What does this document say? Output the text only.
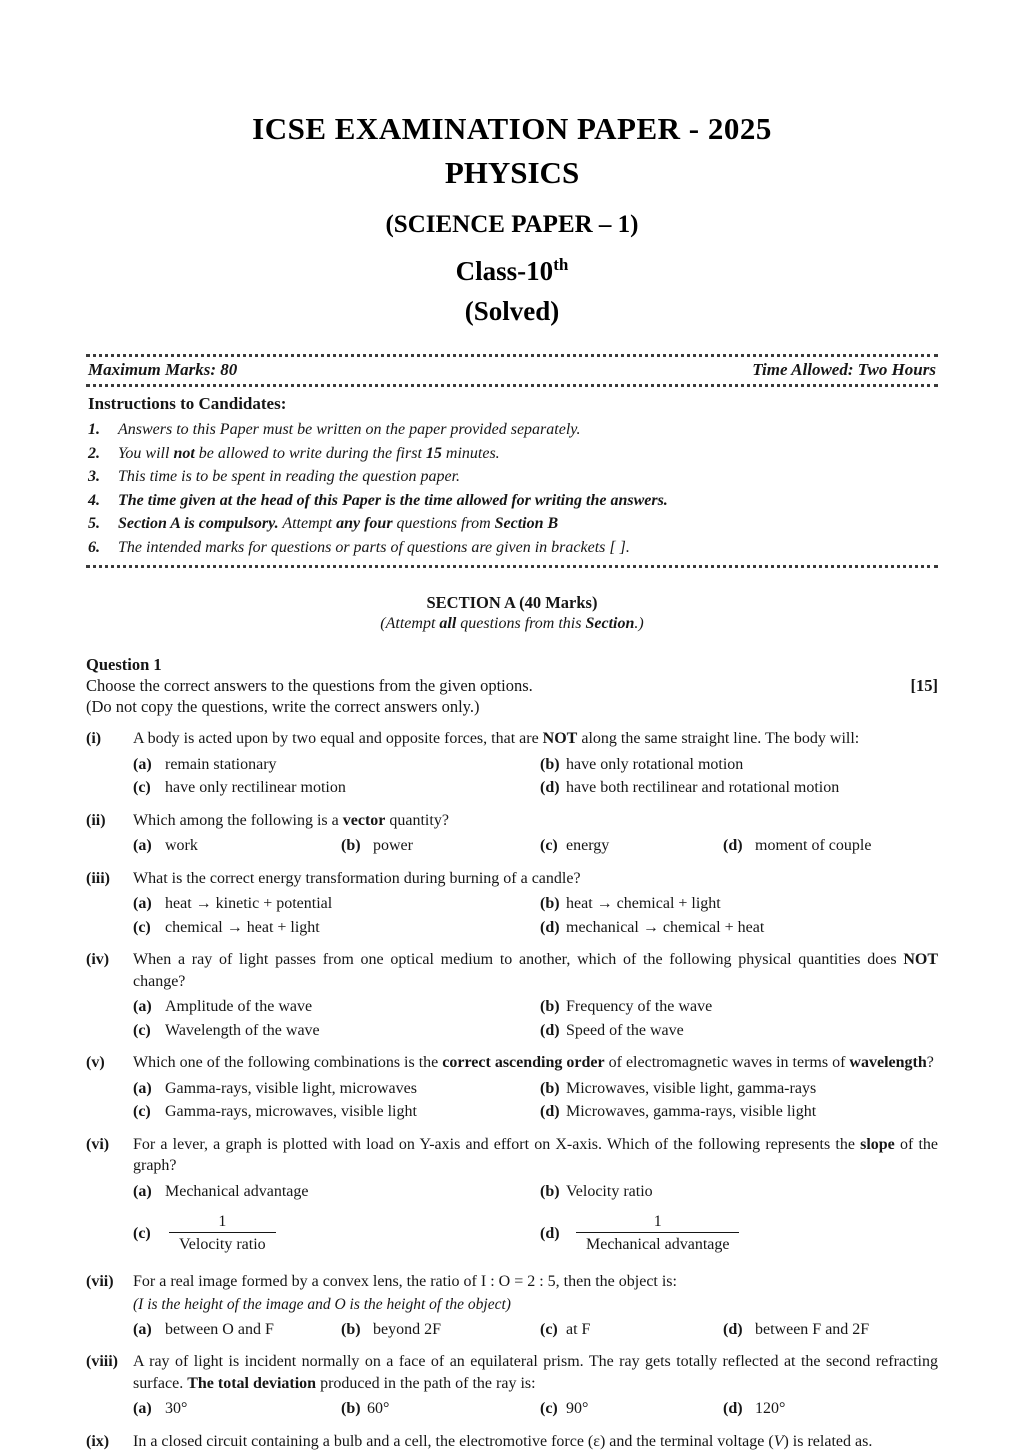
ICSE EXAMINATION PAPER - 2025
PHYSICS
(SCIENCE PAPER – 1)
Class-10th
(Solved)
Maximum Marks: 80	Time Allowed: Two Hours
Instructions to Candidates:
1.	Answers to this Paper must be written on the paper provided separately.
2.	You will not be allowed to write during the first 15 minutes.
3.	This time is to be spent in reading the question paper.
4.	The time given at the head of this Paper is the time allowed for writing the answers.
5.	Section A is compulsory. Attempt any four questions from Section B
6.	The intended marks for questions or parts of questions are given in brackets [ ].
SECTION A (40 Marks)
(Attempt all questions from this Section.)
Question 1
Choose the correct answers to the questions from the given options.	[15]
(Do not copy the questions, write the correct answers only.)
(i)	A body is acted upon by two equal and opposite forces, that are NOT along the same straight line. The body will:
(a) remain stationary	(b) have only rotational motion
(c) have only rectilinear motion	(d) have both rectilinear and rotational motion
(ii)	Which among the following is a vector quantity?
(a) work	(b) power	(c) energy	(d) moment of couple
(iii)	What is the correct energy transformation during burning of a candle?
(a) heat → kinetic + potential	(b) heat → chemical + light
(c) chemical → heat + light	(d) mechanical → chemical + heat
(iv)	When a ray of light passes from one optical medium to another, which of the following physical quantities does NOT change?
(a) Amplitude of the wave	(b) Frequency of the wave
(c) Wavelength of the wave	(d) Speed of the wave
(v)	Which one of the following combinations is the correct ascending order of electromagnetic waves in terms of wavelength?
(a) Gamma-rays, visible light, microwaves	(b) Microwaves, visible light, gamma-rays
(c) Gamma-rays, microwaves, visible light	(d) Microwaves, gamma-rays, visible light
(vi)	For a lever, a graph is plotted with load on Y-axis and effort on X-axis. Which of the following represents the slope of the graph?
(a) Mechanical advantage	(b) Velocity ratio
(c)	$\frac{1}{\text{Velocity ratio}}$	(d)	$\frac{1}{\text{Mechanical advantage}}$
(vii)	For a real image formed by a convex lens, the ratio of I : O = 2 : 5, then the object is:
(I is the height of the image and O is the height of the object)
(a) between O and F	(b) beyond 2F	(c) at F	(d) between F and 2F
(viii) A ray of light is incident normally on a face of an equilateral prism. The ray gets totally reflected at the second refracting surface. The total deviation produced in the path of the ray is:
(a) 30°	(b) 60°	(c) 90°	(d) 120°
(ix)	In a closed circuit containing a bulb and a cell, the electromotive force (ε) and the terminal voltage (V) is related as.
